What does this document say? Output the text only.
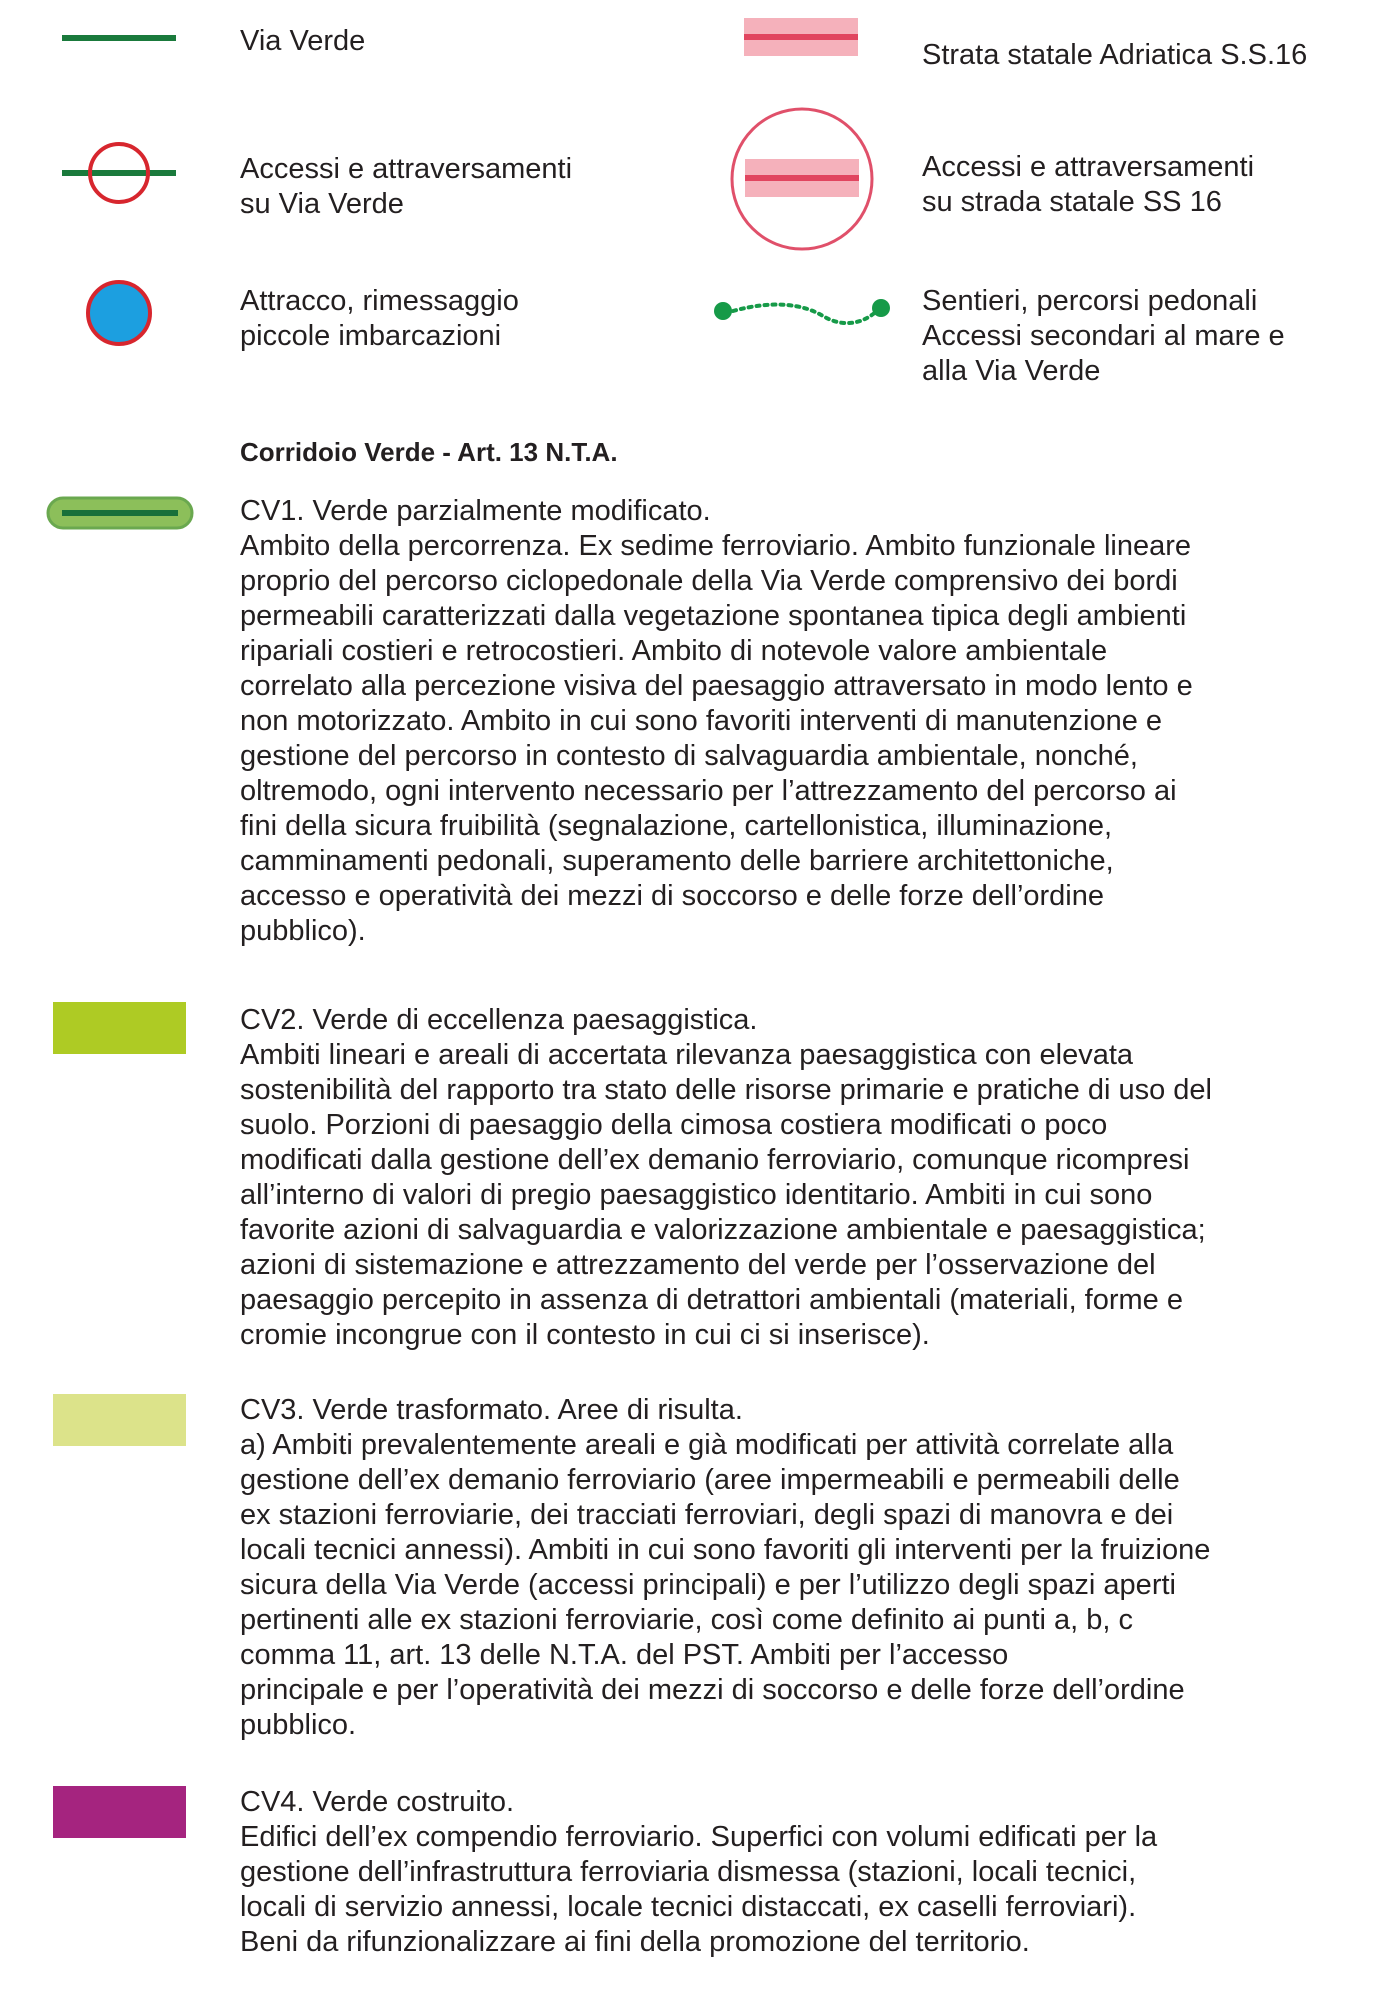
Via Verde	Strata statale Adriatica S.S.16
Accessi e attraversamenti
su Via Verde
Accessi e attraversamenti
su strada statale SS 16
Attracco, rimessaggio
piccole imbarcazioni
Sentieri, percorsi pedonali
Accessi secondari al mare e
alla Via Verde
Corridoio Verde - Art. 13 N.T.A.
CV1. Verde parzialmente modificato.
Ambito della percorrenza. Ex sedime ferroviario. Ambito funzionale lineare
proprio del percorso ciclopedonale della Via Verde comprensivo dei bordi
permeabili caratterizzati dalla vegetazione spontanea tipica degli ambienti
ripariali costieri e retrocostieri. Ambito di notevole valore ambientale
correlato alla percezione visiva del paesaggio attraversato in modo lento e
non motorizzato. Ambito in cui sono favoriti interventi di manutenzione e
gestione del percorso in contesto di salvaguardia ambientale, nonché,
oltremodo, ogni intervento necessario per l’attrezzamento del percorso ai
fini della sicura fruibilità (segnalazione, cartellonistica, illuminazione,
camminamenti pedonali, superamento delle barriere architettoniche,
accesso e operatività dei mezzi di soccorso e delle forze dell’ordine
pubblico).
CV2. Verde di eccellenza paesaggistica.
Ambiti lineari e areali di accertata rilevanza paesaggistica con elevata
sostenibilità del rapporto tra stato delle risorse primarie e pratiche di uso del
suolo. Porzioni di paesaggio della cimosa costiera modificati o poco
modificati dalla gestione dell’ex demanio ferroviario, comunque ricompresi
all’interno di valori di pregio paesaggistico identitario. Ambiti in cui sono
favorite azioni di salvaguardia e valorizzazione ambientale e paesaggistica;
azioni di sistemazione e attrezzamento del verde per l’osservazione del
paesaggio percepito in assenza di detrattori ambientali (materiali, forme e
cromie incongrue con il contesto in cui ci si inserisce).
CV3. Verde trasformato. Aree di risulta.
a) Ambiti prevalentemente areali e già modificati per attività correlate alla
gestione dell’ex demanio ferroviario (aree impermeabili e permeabili delle
ex stazioni ferroviarie, dei tracciati ferroviari, degli spazi di manovra e dei
locali tecnici annessi). Ambiti in cui sono favoriti gli interventi per la fruizione
sicura della Via Verde (accessi principali) e per l’utilizzo degli spazi aperti
pertinenti alle ex stazioni ferroviarie, così come definito ai punti a, b, c
comma 11, art. 13 delle N.T.A. del PST. Ambiti per l’accesso
principale e per l’operatività dei mezzi di soccorso e delle forze dell’ordine
pubblico.
CV4. Verde costruito.
Edifici dell’ex compendio ferroviario. Superfici con volumi edificati per la
gestione dell’infrastruttura ferroviaria dismessa (stazioni, locali tecnici,
locali di servizio annessi, locale tecnici distaccati, ex caselli ferroviari).
Beni da rifunzionalizzare ai fini della promozione del territorio.
